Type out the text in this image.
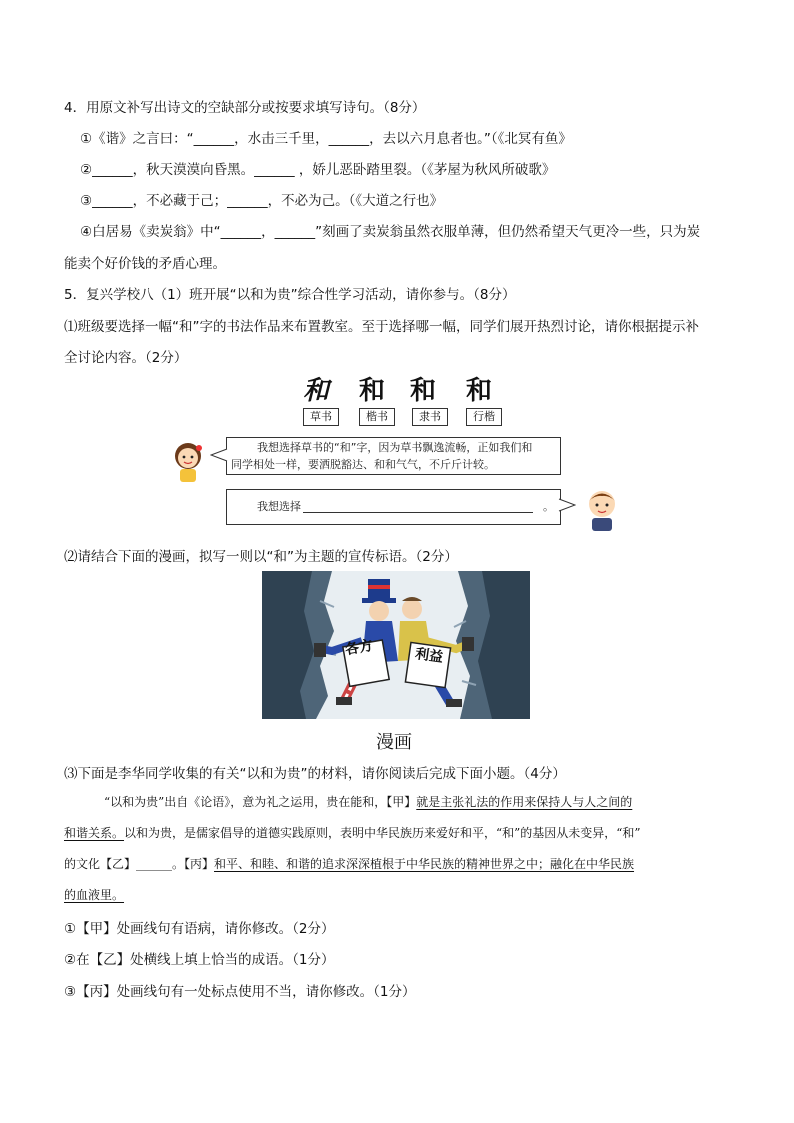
4．用原文补写出诗文的空缺部分或按要求填写诗句。（8分）
①《谐》之言曰：“______，水击三千里，______，去以六月息者也。”（《北冥有鱼》
②______，秋天漠漠向昏黑。______ ，娇儿恶卧踏里裂。（《茅屋为秋风所破歌》
③______，不必藏于己；______，不必为己。（《大道之行也》
④白居易《卖炭翁》中“______，______”刻画了卖炭翁虽然衣服单薄，但仍然希望天气更冷一些，只为炭
能卖个好价钱的矛盾心理。
5．复兴学校八（1）班开展“以和为贵”综合性学习活动，请你参与。（8分）
⑴班级要选择一幅“和”字的书法作品来布置教室。至于选择哪一幅，同学们展开热烈讨论，请你根据提示补
全讨论内容。（2分）
和 和 和 和
草书	楷书	隶书	行楷
我想选择草书的“和”字，因为草书飘逸流畅，正如我们和
同学相处一样，要洒脱豁达、和和气气，不斤斤计较。
我想选择	。
⑵请结合下面的漫画，拟写一则以“和”为主题的宣传标语。（2分）
各方	利益
漫画
⑶下面是李华同学收集的有关“以和为贵”的材料，请你阅读后完成下面小题。（4分）
“以和为贵”出自《论语》，意为礼之运用，贵在能和，【甲】就是主张礼法的作用来保持人与人之间的
和谐关系。以和为贵，是儒家倡导的道德实践原则，表明中华民族历来爱好和平，“和”的基因从未变异，“和”
的文化【乙】______。【丙】和平、和睦、和谐的追求深深植根于中华民族的精神世界之中；融化在中华民族
的血液里。
①【甲】处画线句有语病，请你修改。（2分）
②在【乙】处横线上填上恰当的成语。（1分）
③【丙】处画线句有一处标点使用不当，请你修改。（1分）
